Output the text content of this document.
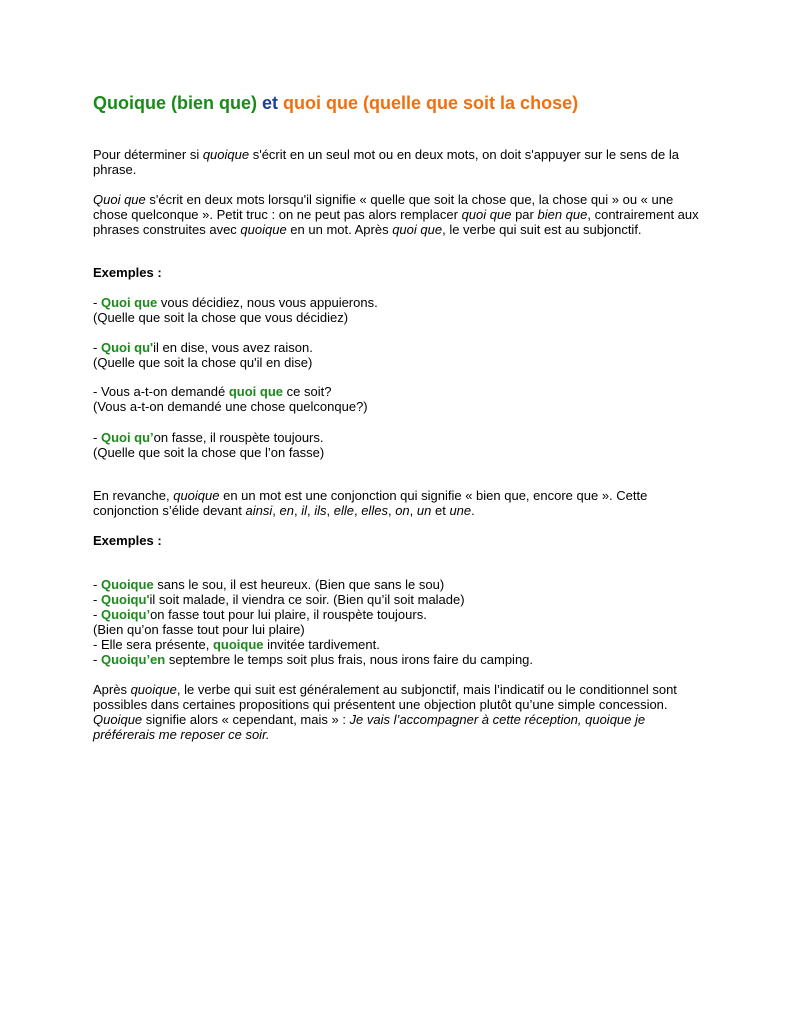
Quoique (bien que) et quoi que (quelle que soit la chose)
Pour déterminer si quoique s'écrit en un seul mot ou en deux mots, on doit s'appuyer sur le sens de la
phrase.
Quoi que s'écrit en deux mots lorsqu'il signifie « quelle que soit la chose que, la chose qui » ou « une
chose quelconque ». Petit truc : on ne peut pas alors remplacer quoi que par bien que, contrairement aux
phrases construites avec quoique en un mot. Après quoi que, le verbe qui suit est au subjonctif.
Exemples :
- Quoi que vous décidiez, nous vous appuierons.
(Quelle que soit la chose que vous décidiez)
- Quoi qu'il en dise, vous avez raison.
(Quelle que soit la chose qu'il en dise)
- Vous a-t-on demandé quoi que ce soit?
(Vous a-t-on demandé une chose quelconque?)
- Quoi qu’on fasse, il rouspète toujours.
(Quelle que soit la chose que l’on fasse)
En revanche, quoique en un mot est une conjonction qui signifie « bien que, encore que ». Cette
conjonction s’élide devant ainsi, en, il, ils, elle, elles, on, un et une.
Exemples :
- Quoique sans le sou, il est heureux. (Bien que sans le sou)
- Quoiqu'il soit malade, il viendra ce soir. (Bien qu’il soit malade)
- Quoiqu’on fasse tout pour lui plaire, il rouspète toujours.
(Bien qu’on fasse tout pour lui plaire)
- Elle sera présente, quoique invitée tardivement.
- Quoiqu’en septembre le temps soit plus frais, nous irons faire du camping.
Après quoique, le verbe qui suit est généralement au subjonctif, mais l’indicatif ou le conditionnel sont
possibles dans certaines propositions qui présentent une objection plutôt qu’une simple concession.
Quoique signifie alors « cependant, mais » : Je vais l’accompagner à cette réception, quoique je
préférerais me reposer ce soir.
